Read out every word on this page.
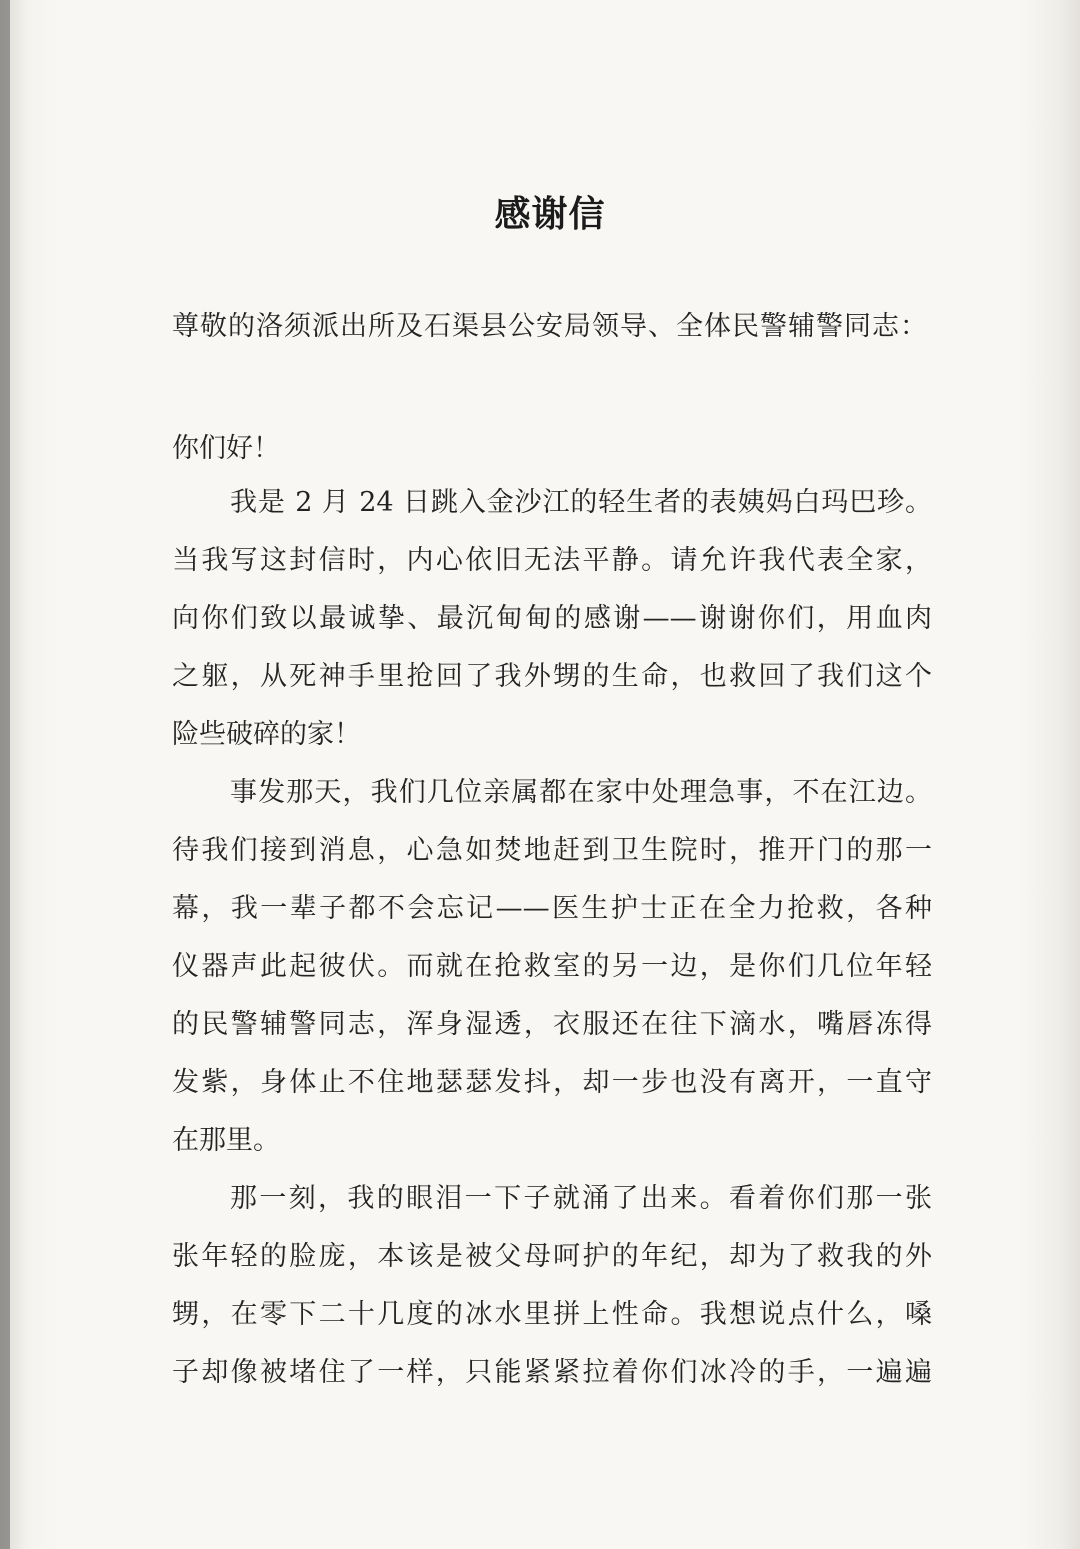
感谢信
尊敬的洛须派出所及石渠县公安局领导、全体民警辅警同志：
你们好！
我是 2 月 24 日跳入金沙江的轻生者的表姨妈白玛巴珍。
当我写这封信时，内心依旧无法平静。请允许我代表全家，
向你们致以最诚挚、最沉甸甸的感谢——谢谢你们，用血肉
之躯，从死神手里抢回了我外甥的生命，也救回了我们这个
险些破碎的家！
事发那天，我们几位亲属都在家中处理急事，不在江边。
待我们接到消息，心急如焚地赶到卫生院时，推开门的那一
幕，我一辈子都不会忘记——医生护士正在全力抢救，各种
仪器声此起彼伏。而就在抢救室的另一边，是你们几位年轻
的民警辅警同志，浑身湿透，衣服还在往下滴水，嘴唇冻得
发紫，身体止不住地瑟瑟发抖，却一步也没有离开，一直守
在那里。
那一刻，我的眼泪一下子就涌了出来。看着你们那一张
张年轻的脸庞，本该是被父母呵护的年纪，却为了救我的外
甥，在零下二十几度的冰水里拼上性命。我想说点什么，嗓
子却像被堵住了一样，只能紧紧拉着你们冰冷的手，一遍遍
